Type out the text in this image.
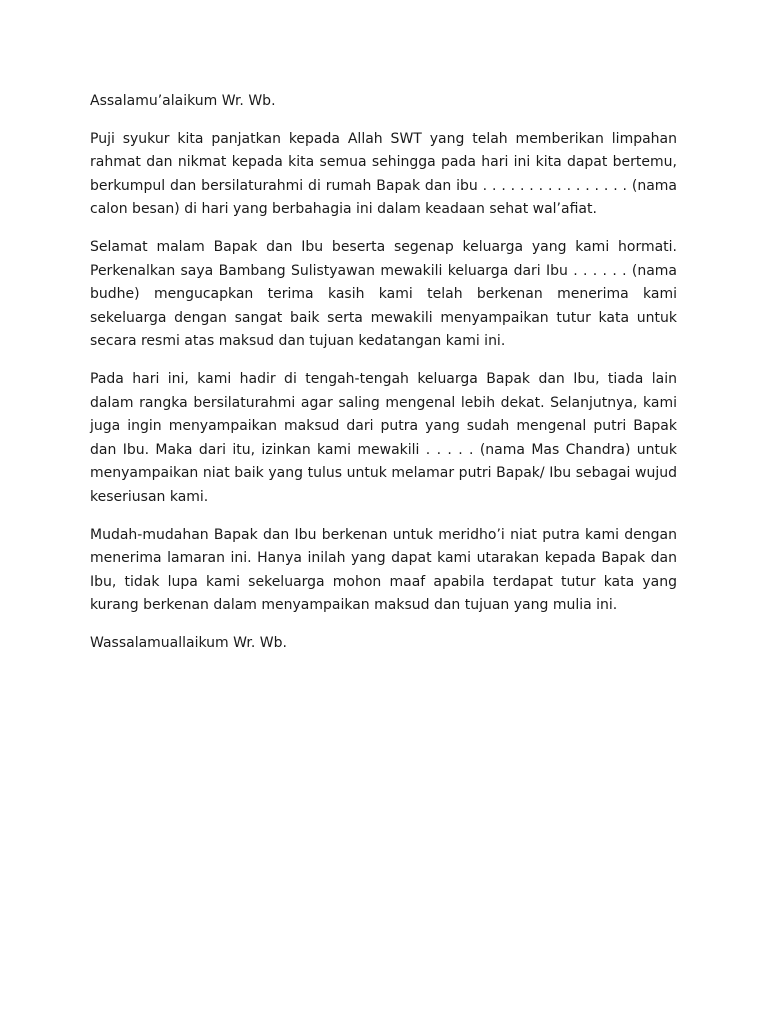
Assalamu’alaikum Wr. Wb.

Puji syukur kita panjatkan kepada Allah SWT yang telah memberikan limpahan rahmat dan nikmat kepada kita semua sehingga pada hari ini kita dapat bertemu, berkumpul dan bersilaturahmi di rumah Bapak dan ibu . . . . . . . . . . . . . . . . (nama calon besan) di hari yang berbahagia ini dalam keadaan sehat wal’afiat.

Selamat malam Bapak dan Ibu beserta segenap keluarga yang kami hormati. Perkenalkan saya Bambang Sulistyawan mewakili keluarga dari Ibu . . . . . . (nama budhe) mengucapkan terima kasih kami telah berkenan menerima kami sekeluarga dengan sangat baik serta mewakili menyampaikan tutur kata untuk secara resmi atas maksud dan tujuan kedatangan kami ini.

Pada hari ini, kami hadir di tengah-tengah keluarga Bapak dan Ibu, tiada lain dalam rangka bersilaturahmi agar saling mengenal lebih dekat. Selanjutnya, kami juga ingin menyampaikan maksud dari putra yang sudah mengenal putri Bapak dan Ibu. Maka dari itu, izinkan kami mewakili . . . . . (nama Mas Chandra) untuk menyampaikan niat baik yang tulus untuk melamar putri Bapak/ Ibu sebagai wujud keseriusan kami.

Mudah-mudahan Bapak dan Ibu berkenan untuk meridho’i niat putra kami dengan menerima lamaran ini. Hanya inilah yang dapat kami utarakan kepada Bapak dan Ibu, tidak lupa kami sekeluarga mohon maaf apabila terdapat tutur kata yang kurang berkenan dalam menyampaikan maksud dan tujuan yang mulia ini.

Wassalamuallaikum Wr. Wb.
